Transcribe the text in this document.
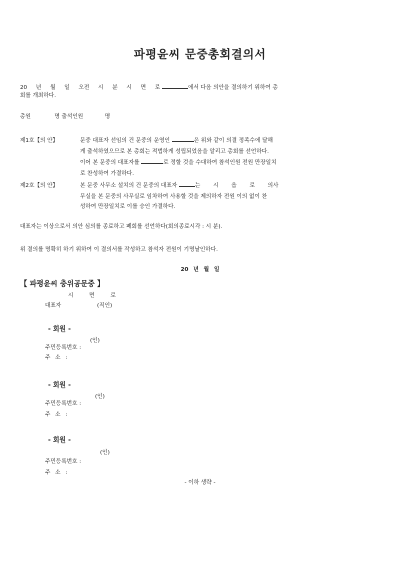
파평윤씨 문중총회결의서
20 년 월 일 오전 시 분 시 면 로	에서 다음 의안을 결의하기 위하여 총
회를 개최하다.
총원	명 출석인원	명
제1호【의 안】	문중 대표자 선임의 건 문중의 운영인	은 위와 같이 의결 정족수에 달해
게 출석하였으므로 본 총회는 적법하게 성립되었음을 알리고 총회를 선언하다.
이어 본 문중의 대표자를	로 정할 것을 수대하여 참석인원 전원 만장일치
로 찬성하여 가결하다.
제2호【의 안】	본 문중 사무소 설치의 건 문중의 대표자	는 시 읍 로 의사
무실을 본 문중의 사무실로 임차하여 사용할 것을 제의하자 전원 이의 없이 찬
성하여 만장일치로 이를 승인 가결하다.
대표자는 이상으로서 의안 심의를 종료하고 폐회를 선언하다(회의종료시각 : 시 분).
위 결의를 명확히 하기 위하여 이 결의서를 작성하고 참석자 전원이 기명날인하다.
20 년 월 일
【 파평윤씨 충위공문중 】
시 면 로
대표자	(직인)
- 회원 -
(인)
주민등록번호 :
주 소 :
- 회원 -
(인)
주민등록번호 :
주 소 :
- 회원 -
(인)
주민등록번호 :
주 소 :
- 이하 생략 -
